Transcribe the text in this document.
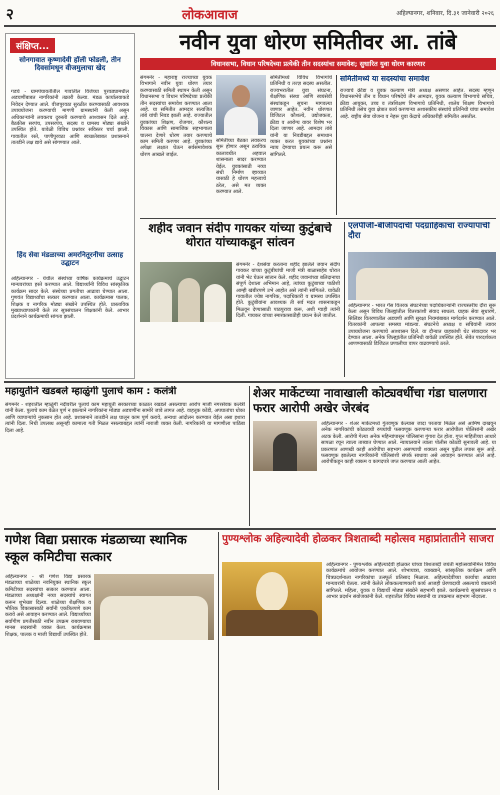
२	लोकआवाज	अहिल्यानगर, शनिवार, दि.३१ जानेवारी २०२६
संक्षिप्त...
सोनगावात कृष्णादेवी हॉली फोडली, तीन दिवसांमधून वीजमुलाचा खेद
गडचे - ग्रामपंचायतीतील गावांतील विजेच्या पुरवठ्यामधील अडचणींबाबत नागरिकांनी तक्रारी केल्या. मंडळ कार्यालयाकडे निवेदन देण्यात आले. वीजपुरवठा सुरळीत करण्यासाठी आवश्यक उपाययोजना करण्याची मागणी ग्रामस्थांनी केली असून अधिकाऱ्यांनी लवकरच दुरुस्ती करण्याचे आश्वासन दिले आहे. बैठकीस सरपंच, उपसरपंच, सदस्य व ग्रामस्थ मोठ्या संख्येने उपस्थित होते. यावेळी विविध प्रश्नांवर सविस्तर चर्चा झाली. गावातील रस्ते, पाणीपुरवठा आणि स्वच्छतेबाबत प्रशासनाने तातडीने लक्ष द्यावे असे सांगण्यात आले.
हिंद सेवा मंडळाच्या अमरनितूरनीचा उत्साह उद्घाटन
अहिल्यानगर - येथील संस्थेच्या वार्षिक कार्यक्रमाचे उद्घाटन मान्यवरांच्या हस्ते करण्यात आले. विद्यार्थ्यांनी विविध सांस्कृतिक कार्यक्रम सादर केले. संस्थेच्या प्रगतीचा आढावा घेण्यात आला. गुणवंत विद्यार्थ्यांचा सत्कार करण्यात आला. कार्यक्रमास पालक, शिक्षक व नागरिक मोठ्या संख्येने उपस्थित होते. प्रास्ताविक मुख्याध्यापकांनी केले तर सूत्रसंचालन शिक्षकांनी केले. आभार प्रदर्शनाने कार्यक्रमाची सांगता झाली.
नवीन युवा धोरण समितीवर आ. तांबे
विधानसभा, विधान परिषदेच्या प्रत्येकी तीन सदस्यांचा समावेश; सुधारित युवा धोरण कारणार
संगमनेर - महाराष्ट्र राज्याच्या युवक विभागाने नवीन युवा धोरण तयार करण्यासाठी समिती स्थापन केली असून विधानसभा व विधान परिषदेच्या प्रत्येकी तीन सदस्यांचा समावेश करण्यात आला आहे. या समितीत आमदार सत्यजित तांबे यांची निवड झाली आहे. राज्यातील युवकांच्या शिक्षण, रोजगार, कौशल्य विकास आणि सामाजिक सहभागाला चालना देणारे धोरण तयार करण्याचे काम समिती करणार आहे. युवकांच्या अपेक्षा लक्षात घेऊन सर्वसमावेशक धोरण आखले जाईल.
समितीमध्ये विविध विभागांचे प्रतिनिधी व तज्ज्ञ सदस्य असतील. राज्यभरातील युवा संघटना, शैक्षणिक संस्था आणि स्वयंसेवी संस्थांकडून सूचना मागवल्या जाणार आहेत. नवीन धोरणात डिजिटल कौशल्ये, उद्योजकता, क्रीडा व आरोग्य यावर विशेष भर दिला जाणार आहे. आमदार तांबे यांनी या निवडीबद्दल समाधान व्यक्त करत युवकांच्या प्रश्नांना न्याय देण्याचा प्रयत्न करू असे सांगितले.
समितीच्या बैठका लवकरच सुरू होणार असून ठराविक कालावधीत अहवाल शासनाला सादर करण्यात येईल. युवकांसाठी नव्या संधी निर्माण व्हाव्यात यासाठी हे धोरण महत्त्वाचे ठरेल, असे मत व्यक्त करण्यात आले.
समितीमध्ये या सदस्यांचा समावेश
राज्याचे क्रीडा व युवक कल्याण मंत्री अध्यक्ष असणार आहेत. सदस्य म्हणून विधानसभेचे तीन व विधान परिषदेचे तीन आमदार, युवक कल्याण विभागाचे सचिव, क्रीडा आयुक्त, उच्च व तंत्रशिक्षण विभागाचे प्रतिनिधी, शालेय शिक्षण विभागाचे प्रतिनिधी तसेच युवा क्षेत्रात कार्य करणाऱ्या अशासकीय संस्थांचे प्रतिनिधी यांचा समावेश आहे. राष्ट्रीय सेवा योजना व नेहरू युवा केंद्राचे अधिकारीही समितीत असतील.
शहीद जवान संदीप गायकर यांच्या कुटुंबाचे थोरात यांच्याकडून सांत्वन
संगमनेर - देशसेवा करताना शहीद झालेले जवान संदीप गायकर यांच्या कुटुंबीयांची माजी मंत्री बाळासाहेब थोरात यांनी भेट घेऊन सांत्वन केले. शहीद जवानांच्या बलिदानाचा संपूर्ण देशाला अभिमान आहे, त्यांच्या कुटुंबाच्या पाठीशी आम्ही खंबीरपणे उभे आहोत असे त्यांनी सांगितले. यावेळी गावातील ज्येष्ठ नागरिक, पदाधिकारी व ग्रामस्थ उपस्थित होते. कुटुंबीयांना आवश्यक ती सर्व मदत शासनाकडून मिळवून देण्यासाठी पाठपुरावा करू, अशी ग्वाही त्यांनी दिली. गायकर यांच्या स्मारकासाठीही प्रयत्न केले जातील.
एलपीजी-बीजीपदाची पदग्राहिकांचा राज्यापाची दौरा
अहिल्यानगर - भारत गॅस वितरक संघटनेच्या पदाधिकाऱ्यांनी राज्यस्तरीय दौरा सुरू केला असून विविध जिल्ह्यांतील वितरकांशी संवाद साधला. ग्राहक सेवा सुधारणे, सिलिंडर वितरणातील अडचणी आणि सुरक्षा नियमांबाबत मार्गदर्शन करण्यात आले. वितरकांनी आपल्या समस्या मांडल्या. संघटनेचे अध्यक्ष व सचिवांनी त्यावर उपाययोजना करण्याचे आश्वासन दिले. या दौऱ्यात ग्राहकांशी थेट संवादावर भर देण्यात आला. अनेक जिल्ह्यांतील प्रतिनिधी यावेळी उपस्थित होते. सेवेत पारदर्शकता आणण्यासाठी डिजिटल प्रणालीचा वापर वाढवण्याचे ठरले.
महायुतीने खडबले म्हाळुंगी पुलाचे काम : कलंत्री
संगमनेर - शहरातील म्हाळुंगी नदीवरील पुलाचे काम महायुती सरकारच्या काळात रखडले असल्याचा आरोप माजी नगरसेवक कलंत्री यांनी केला. पुलाचे काम वेळेत पूर्ण न झाल्याने नागरिकांना मोठ्या अडचणींना सामोरे जावे लागत आहे. वाहतूक कोंडी, अपघातांचा धोका आणि व्यापाऱ्यांचे नुकसान होत आहे. प्रशासनाने तातडीने लक्ष घालून काम पूर्ण करावे, अन्यथा आंदोलन करण्यात येईल असा इशारा त्यांनी दिला. निधी उपलब्ध असूनही कामाला गती मिळत नसल्याबद्दल त्यांनी नाराजी व्यक्त केली. नागरिकांनी या मागणीला पाठिंबा दिला आहे.
शेअर मार्केटच्या नावाखाली कोट्यवधींचा गंडा घालणारा फरार आरोपी अखेर जेरबंद
अहिल्यानगर - शेअर मार्केटमध्ये गुंतवणूक केल्यास जादा परतावा मिळेल असे आमिष दाखवून अनेक नागरिकांची कोट्यवधी रुपयांची फसवणूक करणाऱ्या फरार आरोपीला पोलिसांनी अखेर अटक केली. आरोपी गेल्या अनेक महिन्यांपासून पोलिसांना गुंगारा देत होता. गुप्त माहितीच्या आधारे सापळा रचून त्याला ताब्यात घेण्यात आले. न्यायालयाने त्याला पोलीस कोठडी सुनावली आहे. या प्रकरणात आणखी काही आरोपींचा सहभाग असण्याची शक्यता असून पुढील तपास सुरू आहे. फसवणूक झालेल्या नागरिकांनी पोलिसांशी संपर्क साधावा असे आवाहन करण्यात आले आहे. आरोपीकडून काही रक्कम व कागदपत्रे जप्त करण्यात आली आहेत.
गणेश विद्या प्रसारक मंडळाच्या स्थानिक स्कूल कमिटीचा सत्कार
अहिल्यानगर - श्री गणेश विद्या प्रसारक मंडळाच्या शाळेच्या नवनियुक्त स्थानिक स्कूल कमिटीच्या सदस्यांचा सत्कार करण्यात आला. मंडळाच्या अध्यक्षांनी नव्या सदस्यांचे स्वागत करून शुभेच्छा दिल्या. शाळेच्या शैक्षणिक व भौतिक विकासासाठी सर्वांनी एकत्रितपणे काम करावे असे आवाहन करण्यात आले. विद्यार्थ्यांच्या सर्वांगीण प्रगतीसाठी नवीन उपक्रम राबवण्याचा मानस सदस्यांनी व्यक्त केला. कार्यक्रमास शिक्षक, पालक व माजी विद्यार्थी उपस्थित होते.
पुण्यश्लोक अहिल्यादेवी होळकर त्रिशताब्दी महोत्सव महाप्रांतातीने साजरा
अहिल्यानगर - पुण्यश्लोक अहिल्यादेवी होळकर यांच्या त्रिशताब्दी जयंती महोत्सवानिमित्त विविध कार्यक्रमांचे आयोजन करण्यात आले. शोभायात्रा, व्याख्याने, सांस्कृतिक कार्यक्रम आणि चित्रप्रदर्शनाला नागरिकांचा उत्स्फूर्त प्रतिसाद मिळाला. अहिल्यादेवींच्या कार्याचा आढावा मान्यवरांनी घेतला. त्यांनी केलेले लोककल्याणकारी कार्य आजही प्रेरणादायी असल्याचे वक्त्यांनी सांगितले. महिला, युवक व विद्यार्थी मोठ्या संख्येने सहभागी झाले. कार्यक्रमाचे सूत्रसंचालन व आभार प्रदर्शन संयोजकांनी केले. शहरातील विविध संस्थांनी या उपक्रमात सहभाग नोंदवला.
